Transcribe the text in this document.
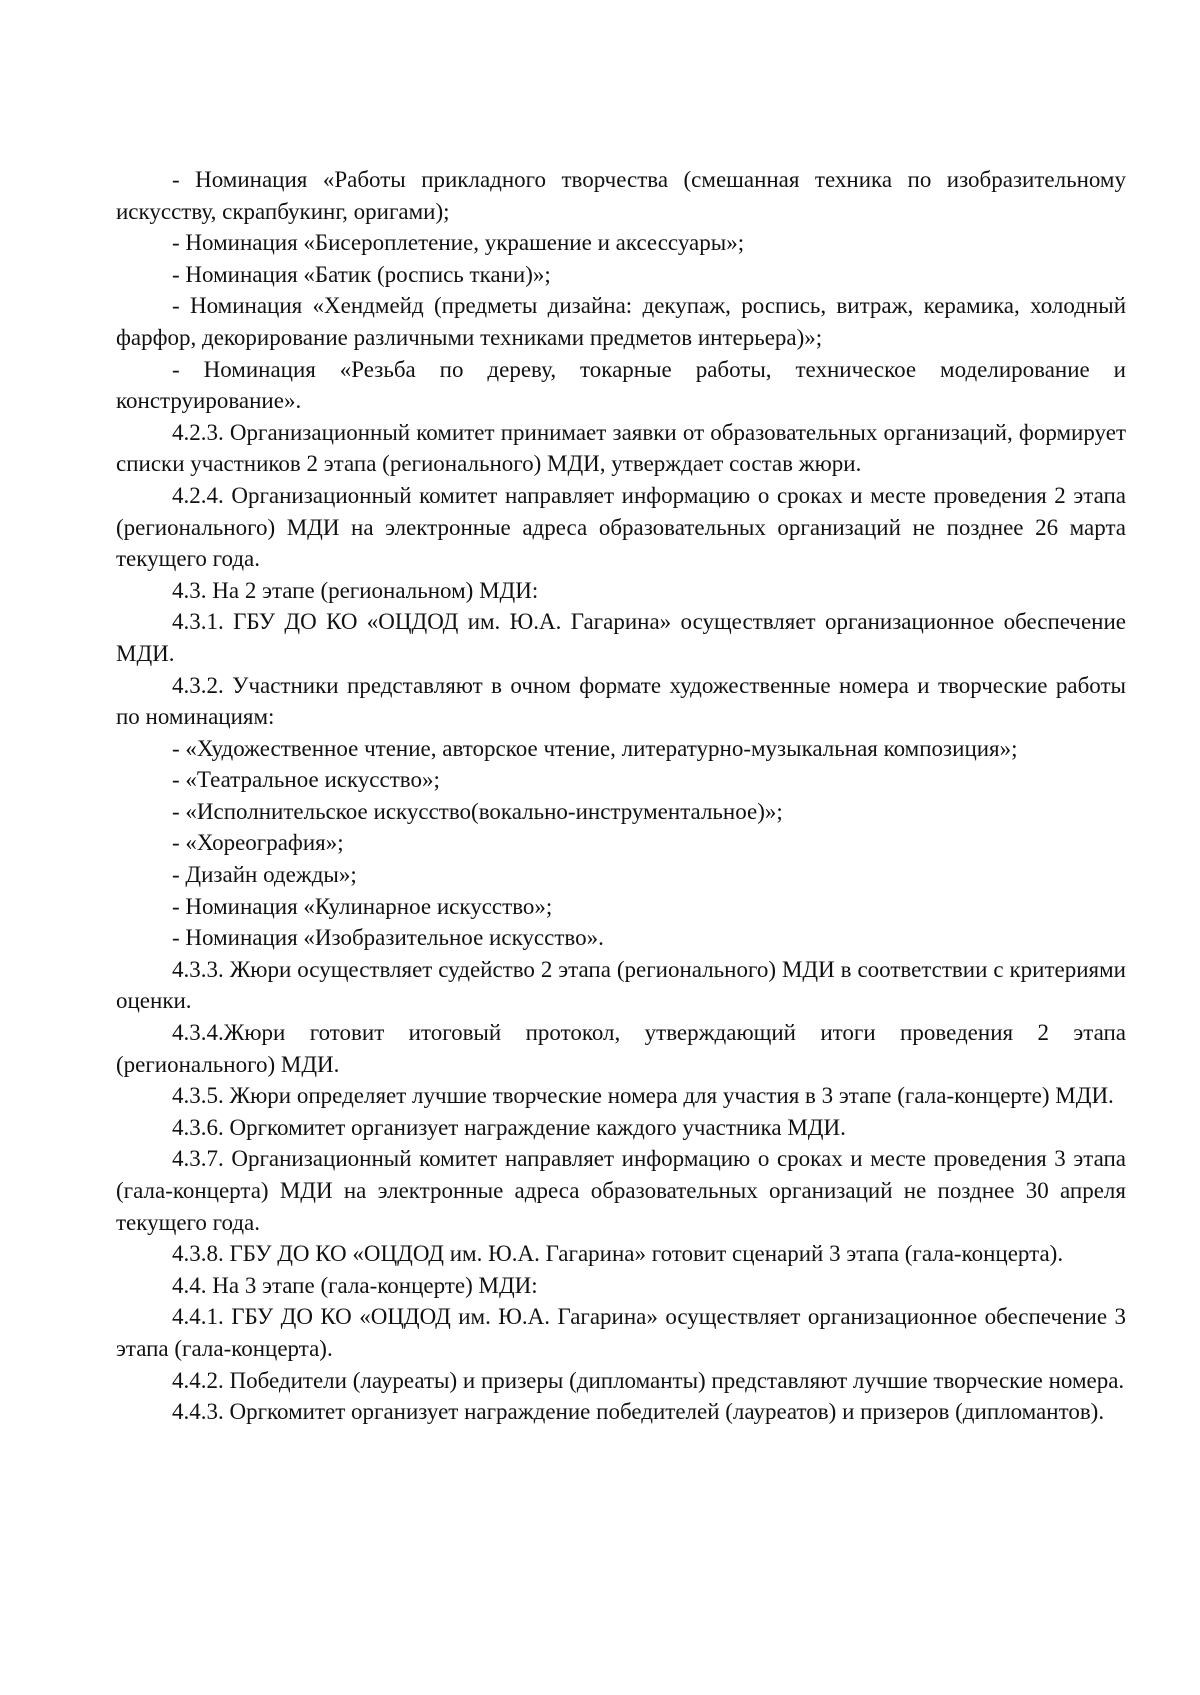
- Номинация «Работы прикладного творчества (смешанная техника по изобразительному искусству, скрапбукинг, оригами);

- Номинация «Бисероплетение, украшение и аксессуары»;

- Номинация «Батик (роспись ткани)»;

- Номинация «Хендмейд (предметы дизайна: декупаж, роспись, витраж, керамика, холодный фарфор, декорирование различными техниками предметов интерьера)»;

- Номинация «Резьба по дереву, токарные работы, техническое моделирование и конструирование».

4.2.3. Организационный комитет принимает заявки от образовательных организаций, формирует списки участников 2 этапа (регионального) МДИ, утверждает состав жюри.

4.2.4. Организационный комитет направляет информацию о сроках и месте проведения 2 этапа (регионального) МДИ на электронные адреса образовательных организаций не позднее 26 марта текущего года.

4.3. На 2 этапе (региональном) МДИ:

4.3.1. ГБУ ДО КО «ОЦДОД им. Ю.А. Гагарина» осуществляет организационное обеспечение МДИ.

4.3.2. Участники представляют в очном формате художественные номера и творческие работы по номинациям:

- «Художественное чтение, авторское чтение, литературно-музыкальная композиция»;

- «Театральное искусство»;

- «Исполнительское искусство(вокально-инструментальное)»;

- «Хореография»;

- Дизайн одежды»;

- Номинация «Кулинарное искусство»;

- Номинация «Изобразительное искусство».

4.3.3. Жюри осуществляет судейство 2 этапа (регионального) МДИ в соответствии с критериями оценки.

4.3.4.Жюри готовит итоговый протокол, утверждающий итоги проведения 2 этапа (регионального) МДИ.

4.3.5. Жюри определяет лучшие творческие номера для участия в 3 этапе (гала-концерте) МДИ.

4.3.6. Оргкомитет организует награждение каждого участника МДИ.

4.3.7. Организационный комитет направляет информацию о сроках и месте проведения 3 этапа (гала-концерта) МДИ на электронные адреса образовательных организаций не позднее 30 апреля текущего года.

4.3.8. ГБУ ДО КО «ОЦДОД им. Ю.А. Гагарина» готовит сценарий 3 этапа (гала-концерта).

4.4. На 3 этапе (гала-концерте) МДИ:

4.4.1. ГБУ ДО КО «ОЦДОД им. Ю.А. Гагарина» осуществляет организационное обеспечение 3 этапа (гала-концерта).

4.4.2. Победители (лауреаты) и призеры (дипломанты) представляют лучшие творческие номера.

4.4.3. Оргкомитет организует награждение победителей (лауреатов) и призеров (дипломантов).
